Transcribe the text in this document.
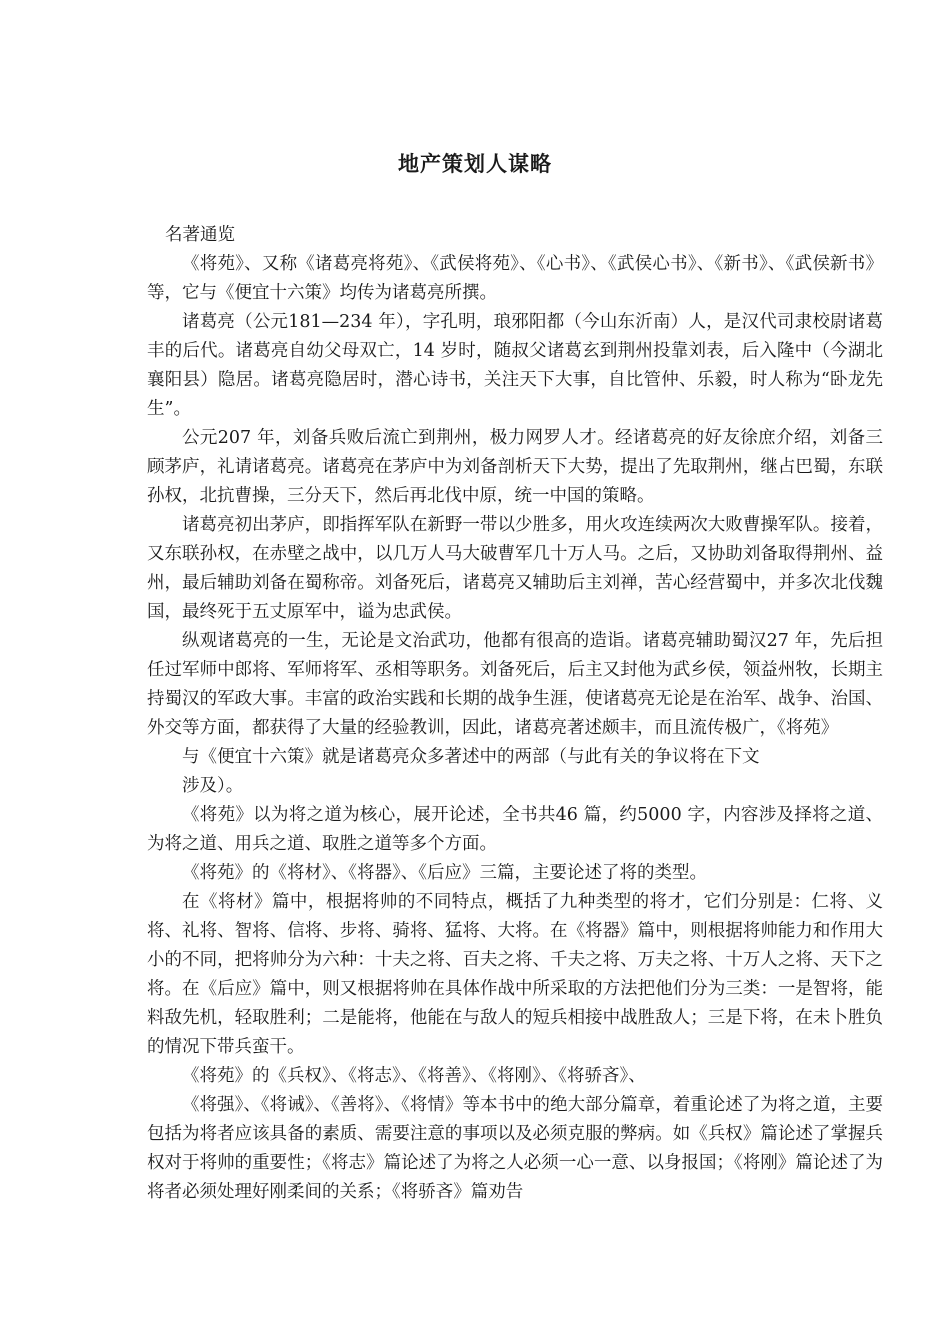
地产策划人谋略

名著通览

《将苑》、又称《诸葛亮将苑》、《武侯将苑》、《心书》、《武侯心书》、《新书》、《武侯新书》等，它与《便宜十六策》均传为诸葛亮所撰。

诸葛亮（公元181—234 年），字孔明，琅邪阳都（今山东沂南）人，是汉代司隶校尉诸葛丰的后代。诸葛亮自幼父母双亡，14 岁时，随叔父诸葛玄到荆州投靠刘表，后入隆中（今湖北襄阳县）隐居。诸葛亮隐居时，潜心诗书，关注天下大事，自比管仲、乐毅，时人称为“卧龙先生”。

公元207 年，刘备兵败后流亡到荆州，极力网罗人才。经诸葛亮的好友徐庶介绍，刘备三顾茅庐，礼请诸葛亮。诸葛亮在茅庐中为刘备剖析天下大势，提出了先取荆州，继占巴蜀，东联孙权，北抗曹操，三分天下，然后再北伐中原，统一中国的策略。

诸葛亮初出茅庐，即指挥军队在新野一带以少胜多，用火攻连续两次大败曹操军队。接着，又东联孙权，在赤壁之战中，以几万人马大破曹军几十万人马。之后，又协助刘备取得荆州、益州，最后辅助刘备在蜀称帝。刘备死后，诸葛亮又辅助后主刘禅，苦心经营蜀中，并多次北伐魏国，最终死于五丈原军中，谥为忠武侯。

纵观诸葛亮的一生，无论是文治武功，他都有很高的造诣。诸葛亮辅助蜀汉27 年，先后担任过军师中郎将、军师将军、丞相等职务。刘备死后，后主又封他为武乡侯，领益州牧，长期主持蜀汉的军政大事。丰富的政治实践和长期的战争生涯，使诸葛亮无论是在治军、战争、治国、外交等方面，都获得了大量的经验教训，因此，诸葛亮著述颇丰，而且流传极广，《将苑》

与《便宜十六策》就是诸葛亮众多著述中的两部（与此有关的争议将在下文

涉及）。

《将苑》以为将之道为核心，展开论述，全书共46 篇，约5000 字，内容涉及择将之道、为将之道、用兵之道、取胜之道等多个方面。

《将苑》的《将材》、《将器》、《后应》三篇，主要论述了将的类型。

在《将材》篇中，根据将帅的不同特点，概括了九种类型的将才，它们分别是：仁将、义将、礼将、智将、信将、步将、骑将、猛将、大将。在《将器》篇中，则根据将帅能力和作用大小的不同，把将帅分为六种：十夫之将、百夫之将、千夫之将、万夫之将、十万人之将、天下之将。在《后应》篇中，则又根据将帅在具体作战中所采取的方法把他们分为三类：一是智将，能料敌先机，轻取胜利；二是能将，他能在与敌人的短兵相接中战胜敌人；三是下将，在未卜胜负的情况下带兵蛮干。

《将苑》的《兵权》、《将志》、《将善》、《将刚》、《将骄吝》、

《将强》、《将诫》、《善将》、《将情》等本书中的绝大部分篇章，着重论述了为将之道，主要包括为将者应该具备的素质、需要注意的事项以及必须克服的弊病。如《兵权》篇论述了掌握兵权对于将帅的重要性；《将志》篇论述了为将之人必须一心一意、以身报国；《将刚》篇论述了为将者必须处理好刚柔间的关系；《将骄吝》篇劝告
